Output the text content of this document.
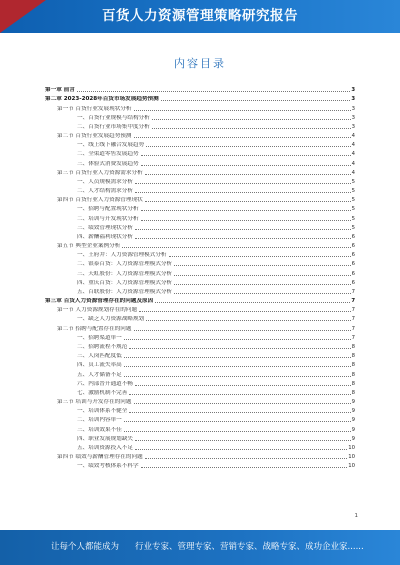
百货人力资源管理策略研究报告
内容目录
第一章 前言	3
第二章 2023-2028年百货市场发展趋势预测	3
第一节 百货行业发展现状分析	3
一、百货行业规模与结构分析	3
二、百货行业市场集中度分析	3
第二节 百货行业发展趋势预测	4
一、线上线下融合发展趋势	4
二、全渠道零售发展趋势	4
三、体验式消费发展趋势	4
第三节 百货行业人力资源需求分析	4
一、人员规模需求分析	5
二、人才结构需求分析	5
第四节 百货行业人力资源管理现状	5
一、招聘与配置现状分析	5
二、培训与开发现状分析	5
三、绩效管理现状分析	5
四、薪酬福利现状分析	6
第五节 典型企业案例分析	6
一、王府井：人力资源管理模式分析	6
二、银泰百货：人力资源管理模式分析	6
三、天虹股份：人力资源管理模式分析	6
四、重庆百货：人力资源管理模式分析	6
五、百联股份：人力资源管理模式分析	7
第三章 百货人力资源管理存在的问题及原因	7
第一节 人力资源规划存在的问题	7
一、缺乏人力资源战略规划	7
第二节 招聘与配置存在的问题	7
一、招聘渠道单一	7
二、招聘流程不规范	8
三、人岗匹配度低	8
四、员工流失率高	8
五、人才储备不足	8
六、内部晋升通道不畅	8
七、激励机制不完善	8
第三节 培训与开发存在的问题	9
一、培训体系不健全	9
二、培训内容单一	9
三、培训效果不佳	9
四、职业发展规划缺失	9
五、培训资源投入不足	10
第四节 绩效与薪酬管理存在的问题	10
一、绩效考核体系不科学	10
1
让每个人都能成为 行业专家、管理专家、营销专家、战略专家、成功企业家......
